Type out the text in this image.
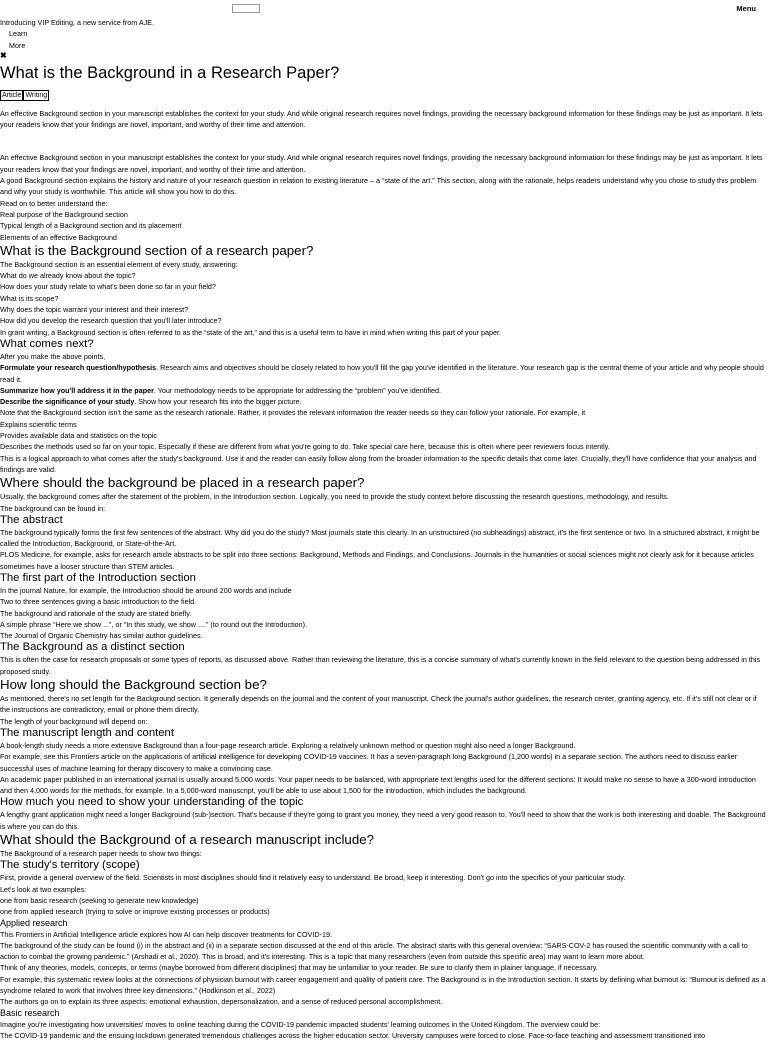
Menu
Introducing VIP Editing, a new service from AJE.
Learn
More
✖
What is the Background in a Research Paper?
Article Writing

An effective Background section in your manuscript establishes the context for your study. And while original research requires novel findings, providing the necessary background information for these findings may be just as important. It lets your readers know that your findings are novel, important, and worthy of their time and attention.

An effective Background section in your manuscript establishes the context for your study. And while original research requires novel findings, providing the necessary background information for these findings may be just as important. It lets your readers know that your findings are novel, important, and worthy of their time and attention.

A good Background section explains the history and nature of your research question in relation to existing literature – a “state of the art.” This section, along with the rationale, helps readers understand why you chose to study this problem and why your study is worthwhile. This article will show you how to do this.

Read on to better understand the:

Real purpose of the Background section
Typical length of a Background section and its placement
Elements of an effective Background
What is the Background section of a research paper?

The Background section is an essential element of every study, answering:

What do we already know about the topic?
How does your study relate to what's been done so far in your field?
What is its scope?
Why does the topic warrant your interest and their interest?
How did you develop the research question that you'll later introduce?

In grant writing, a Background section is often referred to as the “state of the art,” and this is a useful term to have in mind when writing this part of your paper.

What comes next?

After you make the above points,

Formulate your research question/hypothesis. Research aims and objectives should be closely related to how you'll fill the gap you've identified in the literature. Your research gap is the central theme of your article and why people should read it.
Summarize how you'll address it in the paper. Your methodology needs to be appropriate for addressing the “problem” you've identified.
Describe the significance of your study. Show how your research fits into the bigger picture.

Note that the Background section isn't the same as the research rationale. Rather, it provides the relevant information the reader needs so they can follow your rationale. For example, it

Explains scientific terms
Provides available data and statistics on the topic
Describes the methods used so far on your topic. Especially if these are different from what you're going to do. Take special care here, because this is often where peer reviewers focus intently.

This is a logical approach to what comes after the study's background. Use it and the reader can easily follow along from the broader information to the specific details that come later. Crucially, they'll have confidence that your analysis and findings are valid.

Where should the background be placed in a research paper?

Usually, the background comes after the statement of the problem, in the Introduction section. Logically, you need to provide the study context before discussing the research questions, methodology, and results.

The background can be found in:

The abstract

The background typically forms the first few sentences of the abstract. Why did you do the study? Most journals state this clearly. In an unstructured (no subheadings) abstract, it's the first sentence or two. In a structured abstract, it might be called the Introduction, Background, or State-of-the-Art.

PLOS Medicine, for example, asks for research article abstracts to be split into three sections: Background, Methods and Findings, and Conclusions. Journals in the humanities or social sciences might not clearly ask for it because articles sometimes have a looser structure than STEM articles.

The first part of the Introduction section
In the journal Nature, for example, the Introduction should be around 200 words and include
Two to three sentences giving a basic introduction to the field.
The background and rationale of the study are stated briefly.
A simple phrase “Here we show ...”, or “In this study, we show ....” (to round out the Introduction).
The Journal of Organic Chemistry has similar author guidelines.
The Background as a distinct section

This is often the case for research proposals or some types of reports, as discussed above. Rather than reviewing the literature, this is a concise summary of what's currently known in the field relevant to the question being addressed in this proposed study.

How long should the Background section be?

As mentioned, there's no set length for the Background section. It generally depends on the journal and the content of your manuscript. Check the journal's author guidelines, the research center, granting agency, etc. If it's still not clear or if the instructions are contradictory, email or phone them directly.

The length of your background will depend on:

The manuscript length and content

A book-length study needs a more extensive Background than a four-page research article. Exploring a relatively unknown method or question might also need a longer Background.

For example, see this Frontiers article on the applications of artificial intelligence for developing COVID-19 vaccines. It has a seven-paragraph long Background (1,200 words) in a separate section. The authors need to discuss earlier successful uses of machine learning for therapy discovery to make a convincing case.

An academic paper published in an international journal is usually around 5,000 words. Your paper needs to be balanced, with appropriate text lengths used for the different sections: It would make no sense to have a 300-word introduction and then 4,000 words for the methods, for example. In a 5,000-word manuscript, you'll be able to use about 1,500 for the introduction, which includes the background.

How much you need to show your understanding of the topic

A lengthy grant application might need a longer Background (sub-)section. That's because if they're going to grant you money, they need a very good reason to. You'll need to show that the work is both interesting and doable. The Background is where you can do this.

What should the Background of a research manuscript include?

The Background of a research paper needs to show two things:

The study's territory (scope)

First, provide a general overview of the field. Scientists in most disciplines should find it relatively easy to understand. Be broad, keep it interesting. Don't go into the specifics of your particular study.

Let's look at two examples:

one from basic research (seeking to generate new knowledge)
one from applied research (trying to solve or improve existing processes or products)
Applied research

This Frontiers in Artificial Intelligence article explores how AI can help discover treatments for COVID-19.

The background of the study can be found (i) in the abstract and (ii) in a separate section discussed at the end of this article. The abstract starts with this general overview: “SARS-COV-2 has roused the scientific community with a call to action to combat the growing pandemic.” (Arshadi et al., 2020). This is broad, and it's interesting. This is a topic that many researchers (even from outside this specific area) may want to learn more about.

Think of any theories, models, concepts, or terms (maybe borrowed from different disciplines) that may be unfamiliar to your reader. Be sure to clarify them in plainer language, if necessary.

For example, this systematic review looks at the connections of physician burnout with career engagement and quality of patient care. The Background is in the Introduction section. It starts by defining what burnout is: “Burnout is defined as a syndrome related to work that involves three key dimensions.” (Hodkinson et al., 2022)

The authors go on to explain its three aspects: emotional exhaustion, depersonalization, and a sense of reduced personal accomplishment.

Basic research

Imagine you're investigating how universities' moves to online teaching during the COVID-19 pandemic impacted students' learning outcomes in the United Kingdom. The overview could be:

The COVID-19 pandemic and the ensuing lockdown generated tremendous challenges across the higher education sector. University campuses were forced to close. Face-to-face teaching and assessment transitioned into
